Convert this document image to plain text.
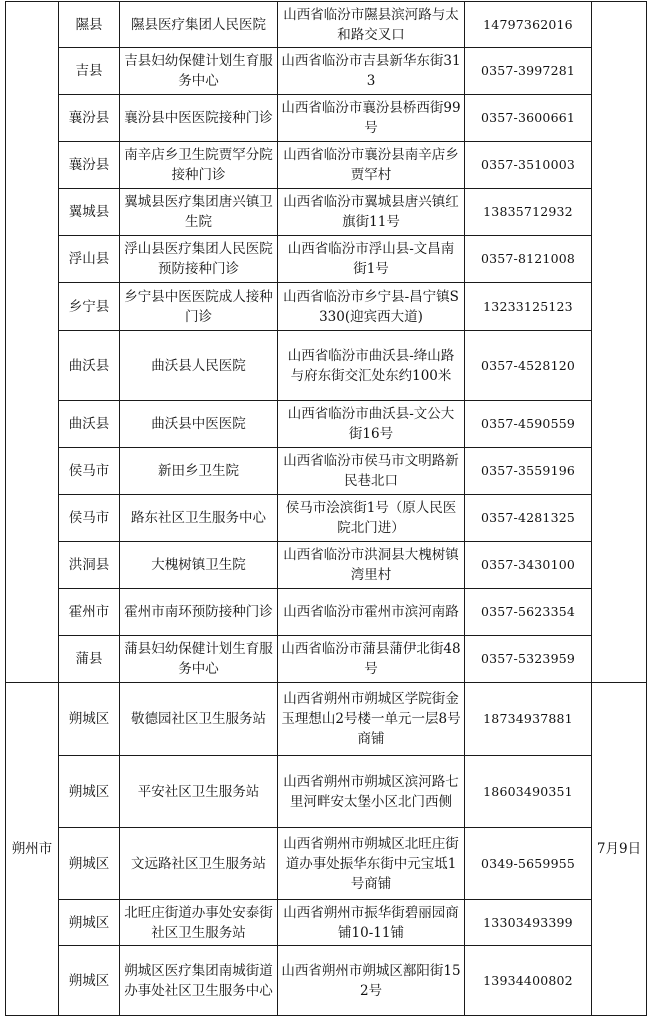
	隰县	隰县医疗集团人民医院	山西省临汾市隰县滨河路与太和路交叉口	14797362016	
	吉县	吉县妇幼保健计划生育服务中心	山西省临汾市吉县新华东街313	0357-3997281	
	襄汾县	襄汾县中医医院接种门诊	山西省临汾市襄汾县桥西街99号	0357-3600661	
	襄汾县	南辛店乡卫生院贾罕分院接种门诊	山西省临汾市襄汾县南辛店乡贾罕村	0357-3510003	
	翼城县	翼城县医疗集团唐兴镇卫生院	山西省临汾市翼城县唐兴镇红旗街11号	13835712932	
	浮山县	浮山县医疗集团人民医院预防接种门诊	山西省临汾市浮山县-文昌南街1号	0357-8121008	
	乡宁县	乡宁县中医医院成人接种门诊	山西省临汾市乡宁县-昌宁镇S330(迎宾西大道)	13233125123	
	曲沃县	曲沃县人民医院	山西省临汾市曲沃县-绛山路与府东街交汇处东约100米	0357-4528120	
	曲沃县	曲沃县中医医院	山西省临汾市曲沃县-文公大街16号	0357-4590559	
	侯马市	新田乡卫生院	山西省临汾市侯马市文明路新民巷北口	0357-3559196	
	侯马市	路东社区卫生服务中心	侯马市浍滨街1号（原人民医院北门进）	0357-4281325	
	洪洞县	大槐树镇卫生院	山西省临汾市洪洞县大槐树镇湾里村	0357-3430100	
	霍州市	霍州市南环预防接种门诊	山西省临汾市霍州市滨河南路	0357-5623354	
	蒲县	蒲县妇幼保健计划生育服务中心	山西省临汾市蒲县蒲伊北街48号	0357-5323959	
朔州市	朔城区	敬德园社区卫生服务站	山西省朔州市朔城区学院街金玉理想山2号楼一单元一层8号商铺	18734937881	7月9日
	朔城区	平安社区卫生服务站	山西省朔州市朔城区滨河路七里河畔安太堡小区北门西侧	18603490351	
	朔城区	文远路社区卫生服务站	山西省朔州市朔城区北旺庄街道办事处振华东街中元宝坻1号商铺	0349-5659955	
	朔城区	北旺庄街道办事处安泰街社区卫生服务站	山西省朔州市振华街碧丽园商铺10-11铺	13303493399	
	朔城区	朔城区医疗集团南城街道办事处社区卫生服务中心	山西省朔州市朔城区鄯阳街152号	13934400802	
